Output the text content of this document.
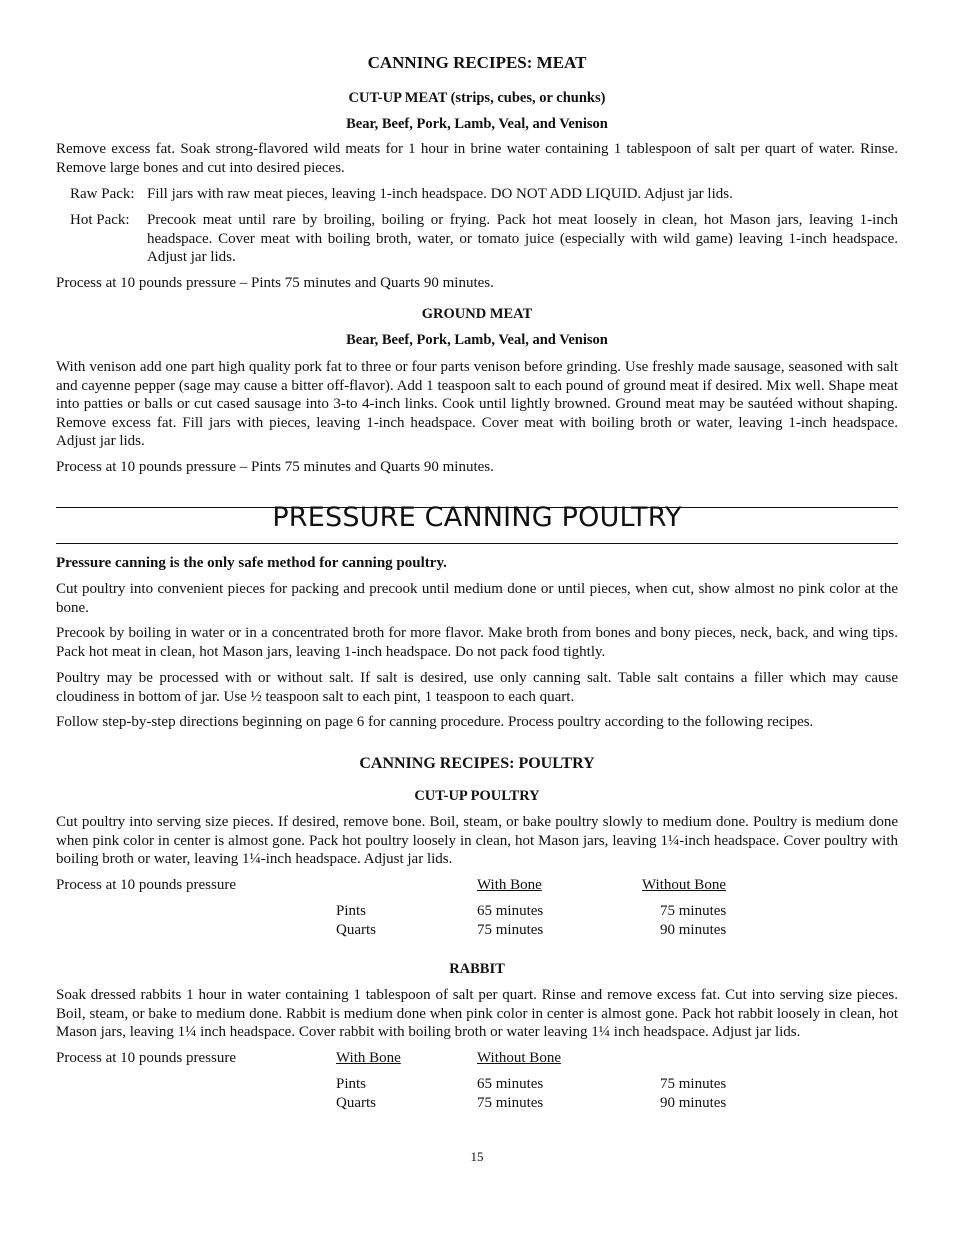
CANNING RECIPES: MEAT
CUT-UP MEAT (strips, cubes, or chunks)
Bear, Beef, Pork, Lamb, Veal, and Venison

Remove excess fat. Soak strong-flavored wild meats for 1 hour in brine water containing 1 tablespoon of salt per quart of water. Rinse. Remove large bones and cut into desired pieces.

Raw Pack: Fill jars with raw meat pieces, leaving 1-inch headspace. DO NOT ADD LIQUID. Adjust jar lids.
Hot Pack:	Precook meat until rare by broiling, boiling or frying. Pack hot meat loosely in clean, hot Mason jars, leaving 1-inch headspace. Cover meat with boiling broth, water, or tomato juice (especially with wild game) leaving 1-inch headspace. Adjust jar lids.

Process at 10 pounds pressure – Pints 75 minutes and Quarts 90 minutes.

GROUND MEAT
Bear, Beef, Pork, Lamb, Veal, and Venison

With venison add one part high quality pork fat to three or four parts venison before grinding. Use freshly made sausage, seasoned with salt and cayenne pepper (sage may cause a bitter off-flavor). Add 1 teaspoon salt to each pound of ground meat if desired. Mix well. Shape meat into patties or balls or cut cased sausage into 3-to 4-inch links. Cook until lightly browned. Ground meat may be sautéed without shaping. Remove excess fat. Fill jars with pieces, leaving 1-inch headspace. Cover meat with boiling broth or water, leaving 1-inch headspace. Adjust jar lids.

Process at 10 pounds pressure – Pints 75 minutes and Quarts 90 minutes.

PRESSURE CANNING POULTRY

Pressure canning is the only safe method for canning poultry.

Cut poultry into convenient pieces for packing and precook until medium done or until pieces, when cut, show almost no pink color at the bone.

Precook by boiling in water or in a concentrated broth for more flavor. Make broth from bones and bony pieces, neck, back, and wing tips. Pack hot meat in clean, hot Mason jars, leaving 1-inch headspace. Do not pack food tightly.

Poultry may be processed with or without salt. If salt is desired, use only canning salt. Table salt contains a filler which may cause cloudiness in bottom of jar. Use ½ teaspoon salt to each pint, 1 teaspoon to each quart.

Follow step-by-step directions beginning on page 6 for canning procedure. Process poultry according to the following recipes.

CANNING RECIPES: POULTRY
CUT-UP POULTRY

Cut poultry into serving size pieces. If desired, remove bone. Boil, steam, or bake poultry slowly to medium done. Poultry is medium done when pink color in center is almost gone. Pack hot poultry loosely in clean, hot Mason jars, leaving 1¼-inch headspace. Cover poultry with boiling broth or water, leaving 1¼-inch headspace. Adjust jar lids.

Process at 10 pounds pressure	With Bone	Without Bone
Pints	65 minutes	75 minutes
Quarts	75 minutes	90 minutes
RABBIT

Soak dressed rabbits 1 hour in water containing 1 tablespoon of salt per quart. Rinse and remove excess fat. Cut into serving size pieces. Boil, steam, or bake to medium done. Rabbit is medium done when pink color in center is almost gone. Pack hot rabbit loosely in clean, hot Mason jars, leaving 1¼ inch headspace. Cover rabbit with boiling broth or water leaving 1¼ inch headspace. Adjust jar lids.

Process at 10 pounds pressure	With Bone	Without Bone
Pints	65 minutes	75 minutes
Quarts	75 minutes	90 minutes
15
